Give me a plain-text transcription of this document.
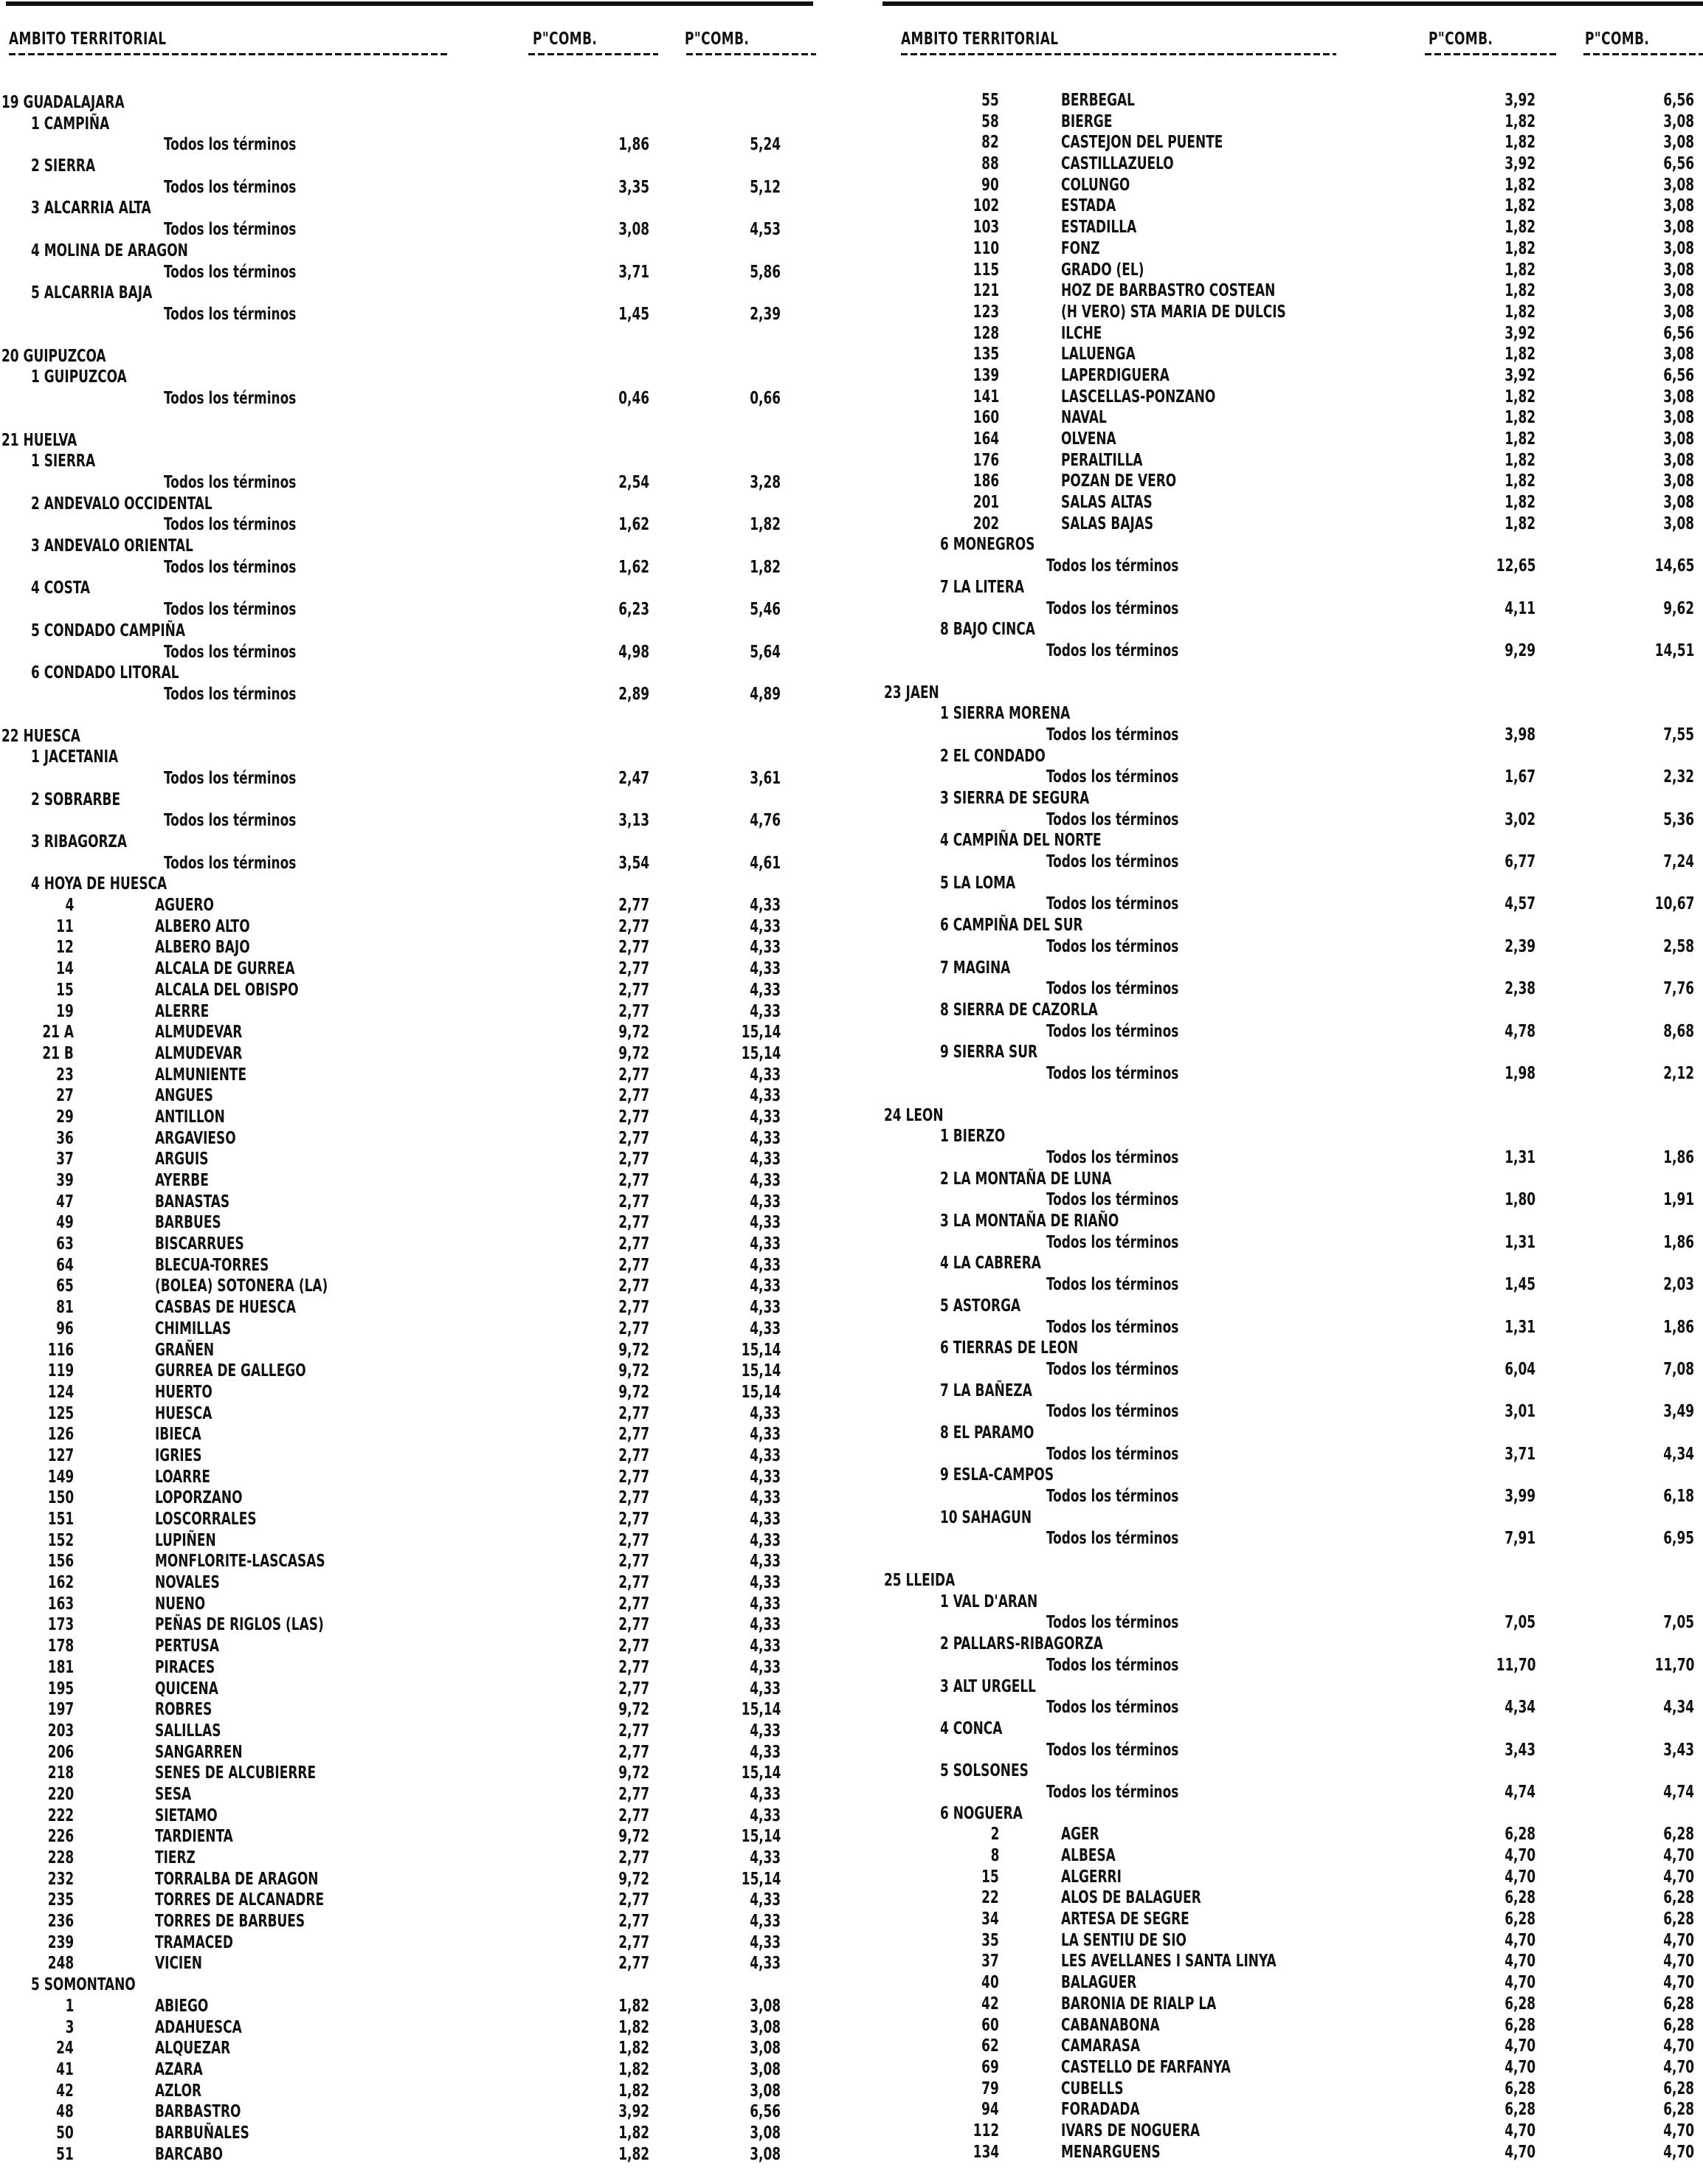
AMBITO TERRITORIAL	P"COMB.	P"COMB.
19 GUADALAJARA
1 CAMPIÑA
Todos los términos	1,86	5,24
2 SIERRA
Todos los términos	3,35	5,12
3 ALCARRIA ALTA
Todos los términos	3,08	4,53
4 MOLINA DE ARAGON
Todos los términos	3,71	5,86
5 ALCARRIA BAJA
Todos los términos	1,45	2,39
20 GUIPUZCOA
1 GUIPUZCOA
Todos los términos	0,46	0,66
21 HUELVA
1 SIERRA
Todos los términos	2,54	3,28
2 ANDEVALO OCCIDENTAL
Todos los términos	1,62	1,82
3 ANDEVALO ORIENTAL
Todos los términos	1,62	1,82
4 COSTA
Todos los términos	6,23	5,46
5 CONDADO CAMPIÑA
Todos los términos	4,98	5,64
6 CONDADO LITORAL
Todos los términos	2,89	4,89
22 HUESCA
1 JACETANIA
Todos los términos	2,47	3,61
2 SOBRARBE
Todos los términos	3,13	4,76
3 RIBAGORZA
Todos los términos	3,54	4,61
4 HOYA DE HUESCA
4	AGUERO	2,77	4,33
11	ALBERO ALTO	2,77	4,33
12	ALBERO BAJO	2,77	4,33
14	ALCALA DE GURREA	2,77	4,33
15	ALCALA DEL OBISPO	2,77	4,33
19	ALERRE	2,77	4,33
21 A	ALMUDEVAR	9,72	15,14
21 B	ALMUDEVAR	9,72	15,14
23	ALMUNIENTE	2,77	4,33
27	ANGUES	2,77	4,33
29	ANTILLON	2,77	4,33
36	ARGAVIESO	2,77	4,33
37	ARGUIS	2,77	4,33
39	AYERBE	2,77	4,33
47	BANASTAS	2,77	4,33
49	BARBUES	2,77	4,33
63	BISCARRUES	2,77	4,33
64	BLECUA-TORRES	2,77	4,33
65	(BOLEA) SOTONERA (LA)	2,77	4,33
81	CASBAS DE HUESCA	2,77	4,33
96	CHIMILLAS	2,77	4,33
116	GRAÑEN	9,72	15,14
119	GURREA DE GALLEGO	9,72	15,14
124	HUERTO	9,72	15,14
125	HUESCA	2,77	4,33
126	IBIECA	2,77	4,33
127	IGRIES	2,77	4,33
149	LOARRE	2,77	4,33
150	LOPORZANO	2,77	4,33
151	LOSCORRALES	2,77	4,33
152	LUPIÑEN	2,77	4,33
156	MONFLORITE-LASCASAS	2,77	4,33
162	NOVALES	2,77	4,33
163	NUENO	2,77	4,33
173	PEÑAS DE RIGLOS (LAS)	2,77	4,33
178	PERTUSA	2,77	4,33
181	PIRACES	2,77	4,33
195	QUICENA	2,77	4,33
197	ROBRES	9,72	15,14
203	SALILLAS	2,77	4,33
206	SANGARREN	2,77	4,33
218	SENES DE ALCUBIERRE	9,72	15,14
220	SESA	2,77	4,33
222	SIETAMO	2,77	4,33
226	TARDIENTA	9,72	15,14
228	TIERZ	2,77	4,33
232	TORRALBA DE ARAGON	9,72	15,14
235	TORRES DE ALCANADRE	2,77	4,33
236	TORRES DE BARBUES	2,77	4,33
239	TRAMACED	2,77	4,33
248	VICIEN	2,77	4,33
5 SOMONTANO
1	ABIEGO	1,82	3,08
3	ADAHUESCA	1,82	3,08
24	ALQUEZAR	1,82	3,08
41	AZARA	1,82	3,08
42	AZLOR	1,82	3,08
48	BARBASTRO	3,92	6,56
50	BARBUÑALES	1,82	3,08
51	BARCABO	1,82	3,08
AMBITO TERRITORIAL	P"COMB.	P"COMB.
55	BERBEGAL	3,92	6,56
58	BIERGE	1,82	3,08
82	CASTEJON DEL PUENTE	1,82	3,08
88	CASTILLAZUELO	3,92	6,56
90	COLUNGO	1,82	3,08
102	ESTADA	1,82	3,08
103	ESTADILLA	1,82	3,08
110	FONZ	1,82	3,08
115	GRADO (EL)	1,82	3,08
121	HOZ DE BARBASTRO COSTEAN	1,82	3,08
123	(H VERO) STA MARIA DE DULCIS	1,82	3,08
128	ILCHE	3,92	6,56
135	LALUENGA	1,82	3,08
139	LAPERDIGUERA	3,92	6,56
141	LASCELLAS-PONZANO	1,82	3,08
160	NAVAL	1,82	3,08
164	OLVENA	1,82	3,08
176	PERALTILLA	1,82	3,08
186	POZAN DE VERO	1,82	3,08
201	SALAS ALTAS	1,82	3,08
202	SALAS BAJAS	1,82	3,08
6 MONEGROS
Todos los términos	12,65	14,65
7 LA LITERA
Todos los términos	4,11	9,62
8 BAJO CINCA
Todos los términos	9,29	14,51
23 JAEN
1 SIERRA MORENA
Todos los términos	3,98	7,55
2 EL CONDADO
Todos los términos	1,67	2,32
3 SIERRA DE SEGURA
Todos los términos	3,02	5,36
4 CAMPIÑA DEL NORTE
Todos los términos	6,77	7,24
5 LA LOMA
Todos los términos	4,57	10,67
6 CAMPIÑA DEL SUR
Todos los términos	2,39	2,58
7 MAGINA
Todos los términos	2,38	7,76
8 SIERRA DE CAZORLA
Todos los términos	4,78	8,68
9 SIERRA SUR
Todos los términos	1,98	2,12
24 LEON
1 BIERZO
Todos los términos	1,31	1,86
2 LA MONTAÑA DE LUNA
Todos los términos	1,80	1,91
3 LA MONTAÑA DE RIAÑO
Todos los términos	1,31	1,86
4 LA CABRERA
Todos los términos	1,45	2,03
5 ASTORGA
Todos los términos	1,31	1,86
6 TIERRAS DE LEON
Todos los términos	6,04	7,08
7 LA BAÑEZA
Todos los términos	3,01	3,49
8 EL PARAMO
Todos los términos	3,71	4,34
9 ESLA-CAMPOS
Todos los términos	3,99	6,18
10 SAHAGUN
Todos los términos	7,91	6,95
25 LLEIDA
1 VAL D'ARAN
Todos los términos	7,05	7,05
2 PALLARS-RIBAGORZA
Todos los términos	11,70	11,70
3 ALT URGELL
Todos los términos	4,34	4,34
4 CONCA
Todos los términos	3,43	3,43
5 SOLSONES
Todos los términos	4,74	4,74
6 NOGUERA
2	AGER	6,28	6,28
8	ALBESA	4,70	4,70
15	ALGERRI	4,70	4,70
22	ALOS DE BALAGUER	6,28	6,28
34	ARTESA DE SEGRE	6,28	6,28
35	LA SENTIU DE SIO	4,70	4,70
37	LES AVELLANES I SANTA LINYA	4,70	4,70
40	BALAGUER	4,70	4,70
42	BARONIA DE RIALP LA	6,28	6,28
60	CABANABONA	6,28	6,28
62	CAMARASA	4,70	4,70
69	CASTELLO DE FARFANYA	4,70	4,70
79	CUBELLS	6,28	6,28
94	FORADADA	6,28	6,28
112	IVARS DE NOGUERA	4,70	4,70
134	MENARGUENS	4,70	4,70
